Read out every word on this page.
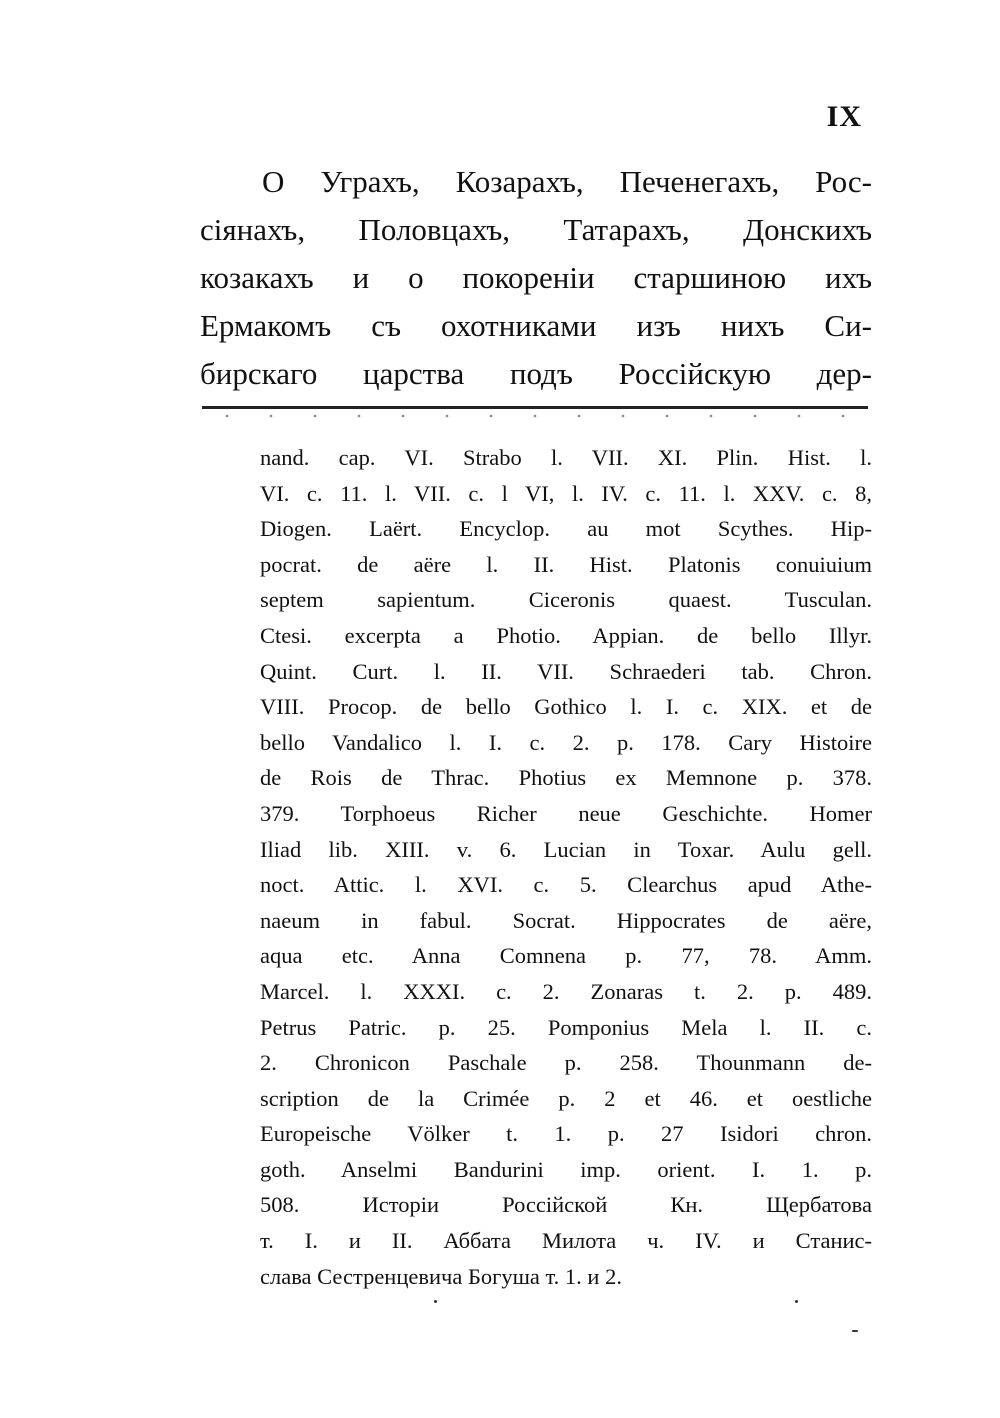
IX
О Уграхъ, Козарахъ, Печенегахъ, Рос-
сіянахъ, Половцахъ, Татарахъ, Донскихъ
козакахъ и о покореніи старшиною ихъ
Ермакомъ съ охотниками изъ нихъ Си-
бирскаго царства подъ Россійскую дер-
nand. cap. VI. Strabo l. VII. XI. Plin. Hist. l.
VI. c. 11. l. VII. c. l VI, l. IV. c. 11. l. XXV. c. 8,
Diogen. Laërt. Encyclop. au mot Scythes. Hip-
pocrat. de aëre l. II. Hist. Platonis conuiuium
septem sapientum. Ciceronis quaest. Tusculan.
Ctesi. excerpta a Photio. Appian. de bello Illyr.
Quint. Curt. l. II. VII. Schraederi tab. Chron.
VIII. Procop. de bello Gothico l. I. c. XIX. et de
bello Vandalico l. I. c. 2. p. 178. Cary Histoire
de Rois de Thrac. Photius ex Memnone p. 378.
379. Torphoeus Richer neue Geschichte. Homer
Iliad lib. XIII. v. 6. Lucian in Toxar. Aulu gell.
noct. Attic. l. XVI. c. 5. Clearchus apud Athe-
naeum in fabul. Socrat. Hippocrates de aëre,
aqua etc. Anna Comnena p. 77, 78. Amm.
Marcel. l. XXXI. c. 2. Zonaras t. 2. p. 489.
Petrus Patric. p. 25. Pomponius Mela l. II. c.
2. Chronicon Paschale p. 258. Thounmann de-
scription de la Crimée p. 2 et 46. et oestliche
Europeische Völker t. 1. p. 27 Isidori chron.
goth. Anselmi Bandurini imp. orient. I. 1. p.
508. Исторіи Россійской Кн. Щербатова
т. I. и II. Аббата Милота ч. IV. и Станис-
слава Сестренцевича Богуша т. 1. и 2.
